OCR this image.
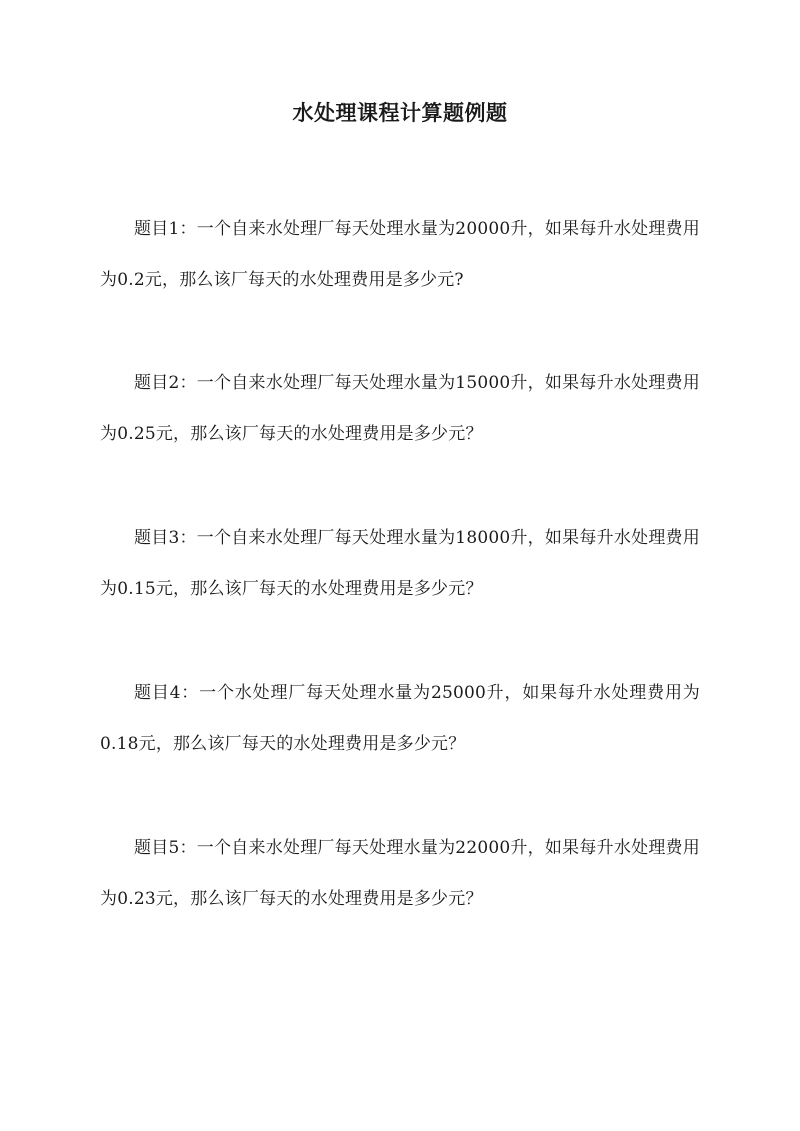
水处理课程计算题例题

题目1：一个自来水处理厂每天处理水量为20000升，如果每升水处理费用为0.2元，那么该厂每天的水处理费用是多少元?

题目2：一个自来水处理厂每天处理水量为15000升，如果每升水处理费用为0.25元，那么该厂每天的水处理费用是多少元？

题目3：一个自来水处理厂每天处理水量为18000升，如果每升水处理费用为0.15元，那么该厂每天的水处理费用是多少元？

题目4：一个水处理厂每天处理水量为25000升，如果每升水处理费用为0.18元，那么该厂每天的水处理费用是多少元？

题目5：一个自来水处理厂每天处理水量为22000升，如果每升水处理费用为0.23元，那么该厂每天的水处理费用是多少元？
